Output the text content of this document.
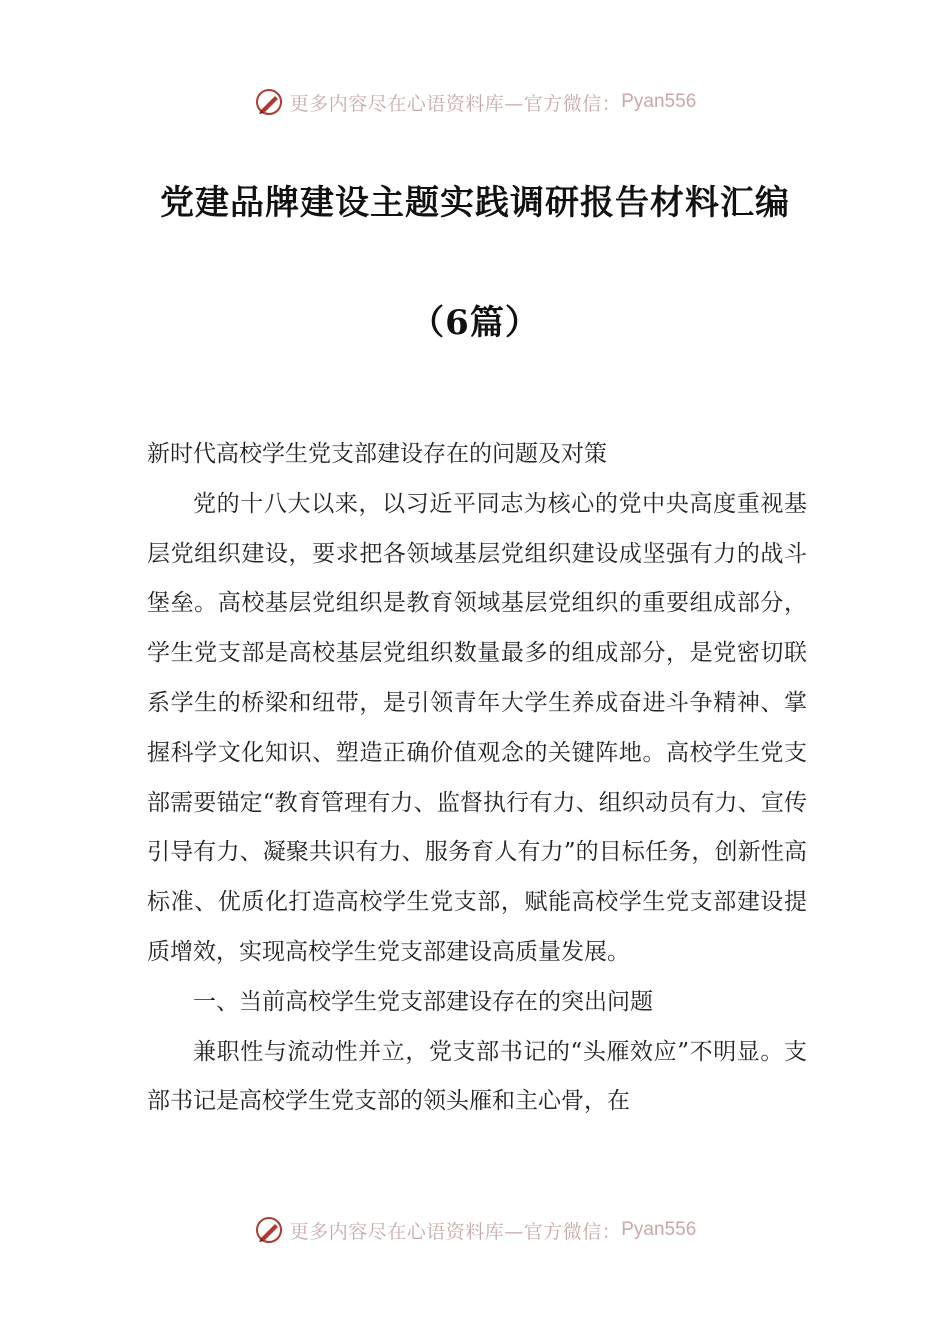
更多内容尽在心语资料库—官方微信： Pyan556
党建品牌建设主题实践调研报告材料汇编
（6篇）

新时代高校学生党支部建设存在的问题及对策

党的十八大以来，以习近平同志为核心的党中央高度重视基层党组织建设，要求把各领域基层党组织建设成坚强有力的战斗堡垒。高校基层党组织是教育领域基层党组织的重要组成部分，学生党支部是高校基层党组织数量最多的组成部分，是党密切联系学生的桥梁和纽带，是引领青年大学生养成奋进斗争精神、掌握科学文化知识、塑造正确价值观念的关键阵地。高校学生党支部需要锚定“教育管理有力、监督执行有力、组织动员有力、宣传引导有力、凝聚共识有力、服务育人有力”的目标任务，创新性高标准、优质化打造高校学生党支部，赋能高校学生党支部建设提质增效，实现高校学生党支部建设高质量发展。

一、当前高校学生党支部建设存在的突出问题

兼职性与流动性并立，党支部书记的“头雁效应”不明显。支部书记是高校学生党支部的领头雁和主心骨，在

更多内容尽在心语资料库—官方微信： Pyan556
